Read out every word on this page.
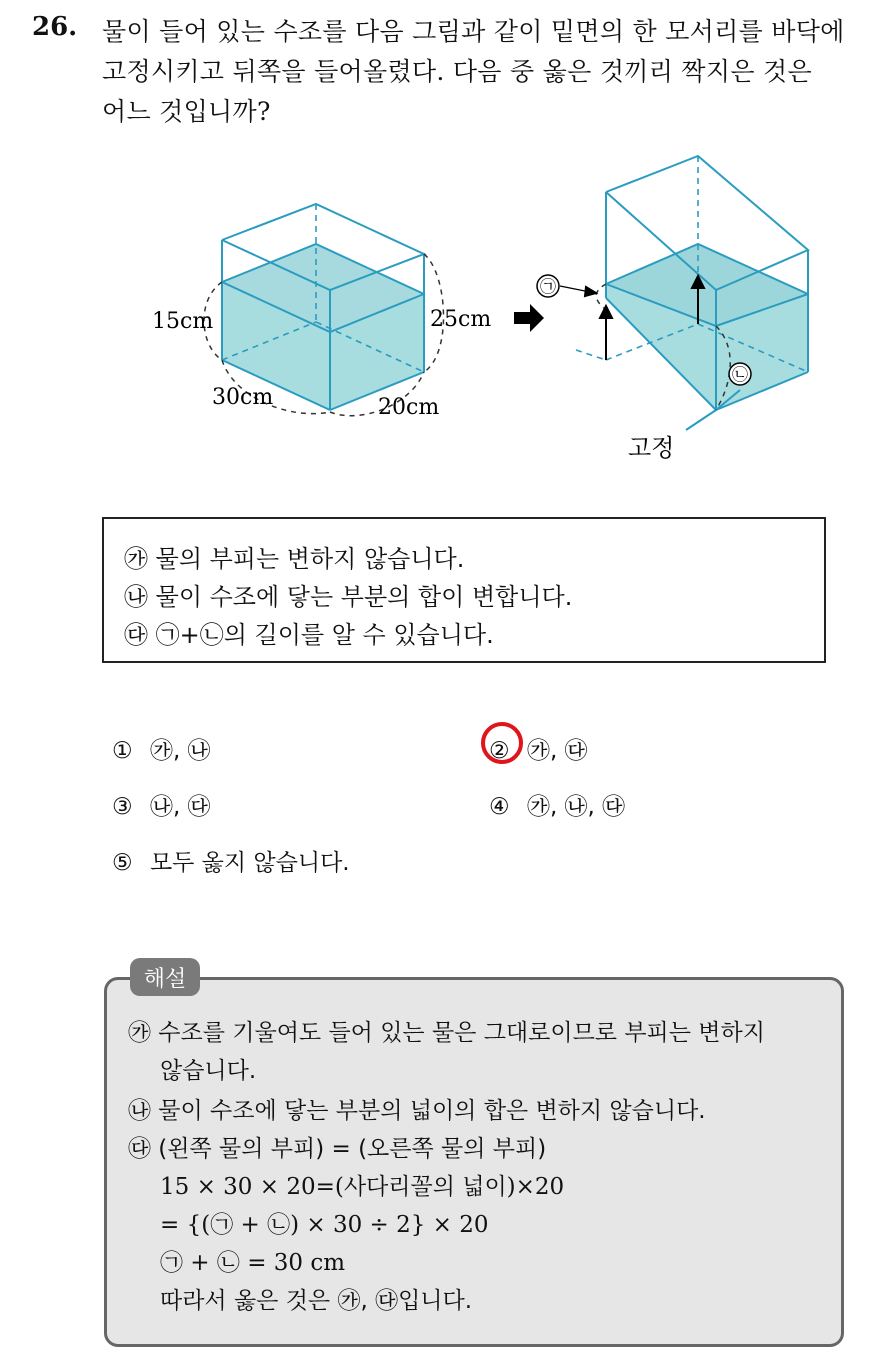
26. 물이 들어 있는 수조를 다음 그림과 같이 밑면의 한 모서리를 바닥에
고정시키고 뒤쪽을 들어올렸다. 다음 중 옳은 것끼리 짝지은 것은
어느 것입니까?
15cm
30cm	20cm
25cm
㉠
㉡
고정
㉮ 물의 부피는 변하지 않습니다.
㉯ 물이 수조에 닿는 부분의 합이 변합니다.
㉰ ㉠+㉡의 길이를 알 수 있습니다.
① ㉮, ㉯	② ㉮, ㉰
③ ㉯, ㉰	④ ㉮, ㉯, ㉰
⑤ 모두 옳지 않습니다.
해설
㉮ 수조를 기울여도 들어 있는 물은 그대로이므로 부피는 변하지
않습니다.
㉯ 물이 수조에 닿는 부분의 넓이의 합은 변하지 않습니다.
㉰ (왼쪽 물의 부피) = (오른쪽 물의 부피)
15 × 30 × 20=(사다리꼴의 넓이)×20
= {(㉠ + ㉡) × 30 ÷ 2} × 20
㉠ + ㉡ = 30 cm
따라서 옳은 것은 ㉮, ㉰입니다.
